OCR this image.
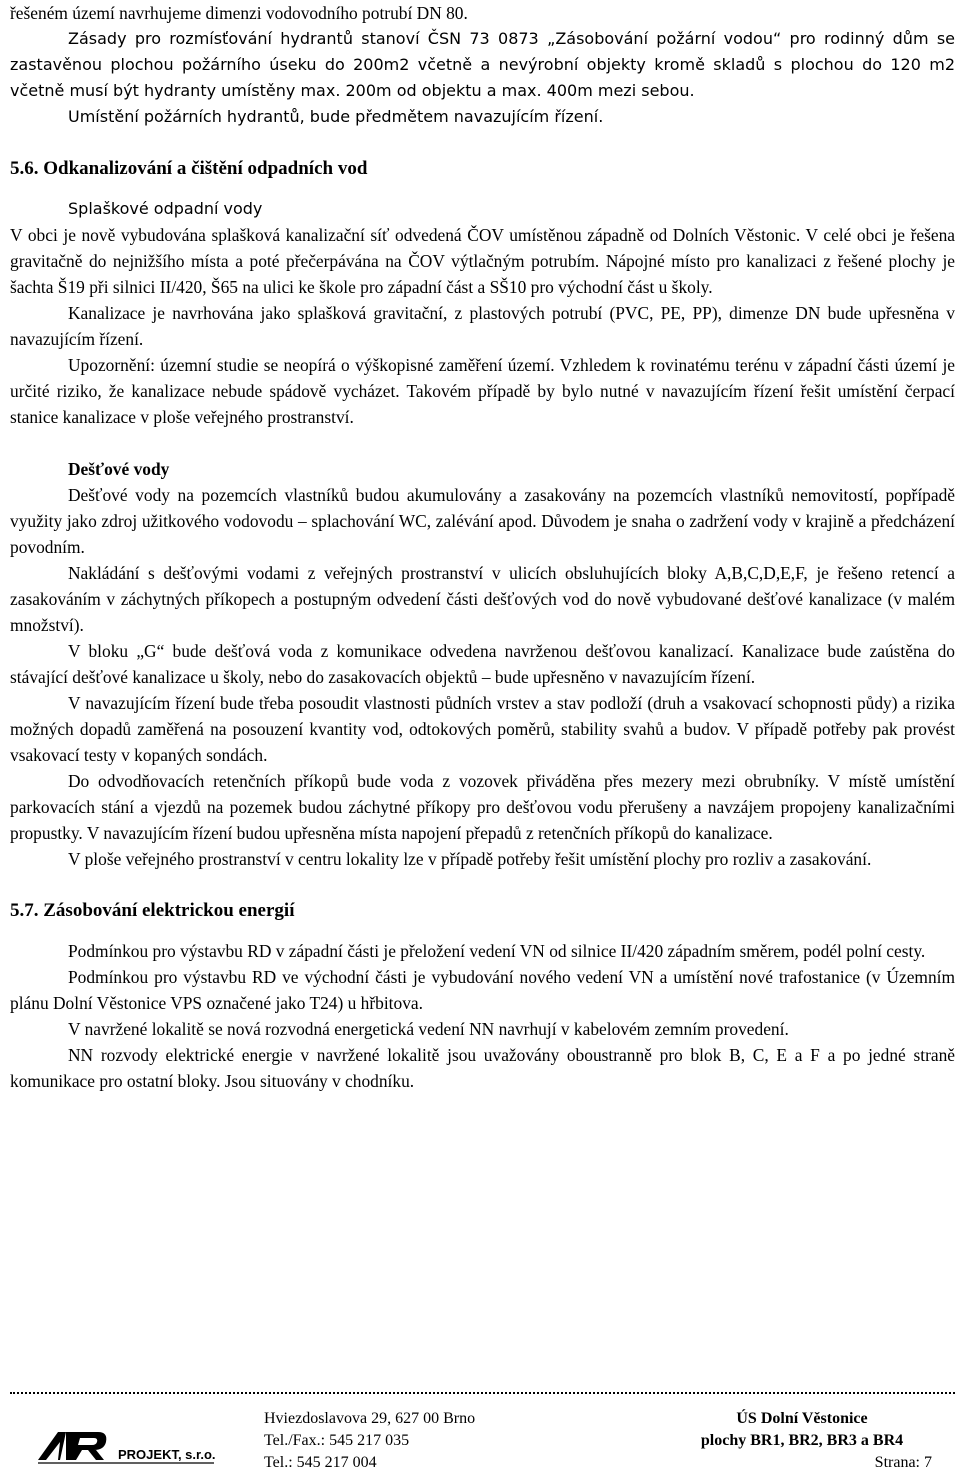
řešeném území navrhujeme dimenzi vodovodního potrubí DN 80.

Zásady pro rozmísťování hydrantů stanoví ČSN 73 0873 „Zásobování požární vodou“ pro rodinný dům se zastavěnou plochou požárního úseku do 200m2 včetně a nevýrobní objekty kromě skladů s plochou do 120 m2 včetně musí být hydranty umístěny max. 200m od objektu a max. 400m mezi sebou.

Umístění požárních hydrantů, bude předmětem navazujícím řízení.

5.6. Odkanalizování a čištění odpadních vod

Splaškové odpadní vody

V obci je nově vybudována splašková kanalizační síť odvedená ČOV umístěnou západně od Dolních Věstonic. V celé obci je řešena gravitačně do nejnižšího místa a poté přečerpávána na ČOV výtlačným potrubím. Nápojné místo pro kanalizaci z řešené plochy je šachta Š19 při silnici II/420, Š65 na ulici ke škole pro západní část a SŠ10 pro východní část u školy.

Kanalizace je navrhována jako splašková gravitační, z plastových potrubí (PVC, PE, PP), dimenze DN bude upřesněna v navazujícím řízení.

Upozornění: územní studie se neopírá o výškopisné zaměření území. Vzhledem k rovinatému terénu v západní části území je určité riziko, že kanalizace nebude spádově vycházet. Takovém případě by bylo nutné v navazujícím řízení řešit umístění čerpací stanice kanalizace v ploše veřejného prostranství.

Dešťové vody

Dešťové vody na pozemcích vlastníků budou akumulovány a zasakovány na pozemcích vlastníků nemovitostí, popřípadě využity jako zdroj užitkového vodovodu – splachování WC, zalévání apod. Důvodem je snaha o zadržení vody v krajině a předcházení povodním.

Nakládání s dešťovými vodami z veřejných prostranství v ulicích obsluhujících bloky A,B,C,D,E,F, je řešeno retencí a zasakováním v záchytných příkopech a postupným odvedení části dešťových vod do nově vybudované dešťové kanalizace (v malém množství).

V bloku „G“ bude dešťová voda z komunikace odvedena navrženou dešťovou kanalizací. Kanalizace bude zaústěna do stávající dešťové kanalizace u školy, nebo do zasakovacích objektů – bude upřesněno v navazujícím řízení.

V navazujícím řízení bude třeba posoudit vlastnosti půdních vrstev a stav podloží (druh a vsakovací schopnosti půdy) a rizika možných dopadů zaměřená na posouzení kvantity vod, odtokových poměrů, stability svahů a budov. V případě potřeby pak provést vsakovací testy v kopaných sondách.

Do odvodňovacích retenčních příkopů bude voda z vozovek přiváděna přes mezery mezi obrubníky. V místě umístění parkovacích stání a vjezdů na pozemek budou záchytné příkopy pro dešťovou vodu přerušeny a navzájem propojeny kanalizačními propustky. V navazujícím řízení budou upřesněna místa napojení přepadů z retenčních příkopů do kanalizace.

V ploše veřejného prostranství v centru lokality lze v případě potřeby řešit umístění plochy pro rozliv a zasakování.

5.7. Zásobování elektrickou energií

Podmínkou pro výstavbu RD v západní části je přeložení vedení VN od silnice II/420 západním směrem, podél polní cesty.

Podmínkou pro výstavbu RD ve východní části je vybudování nového vedení VN a umístění nové trafostanice (v Územním plánu Dolní Věstonice VPS označené jako T24) u hřbitova.

V navržené lokalitě se nová rozvodná energetická vedení NN navrhují v kabelovém zemním provedení.

NN rozvody elektrické energie v navržené lokalitě jsou uvažovány oboustranně pro blok B, C, E a F a po jedné straně komunikace pro ostatní bloky. Jsou situovány v chodníku.

PROJEKT, s.r.o.
Hviezdoslavova 29, 627 00 Brno
Tel./Fax.: 545 217 035
Tel.: 545 217 004
ÚS Dolní Věstonice
plochy BR1, BR2, BR3 a BR4
Strana: 7
